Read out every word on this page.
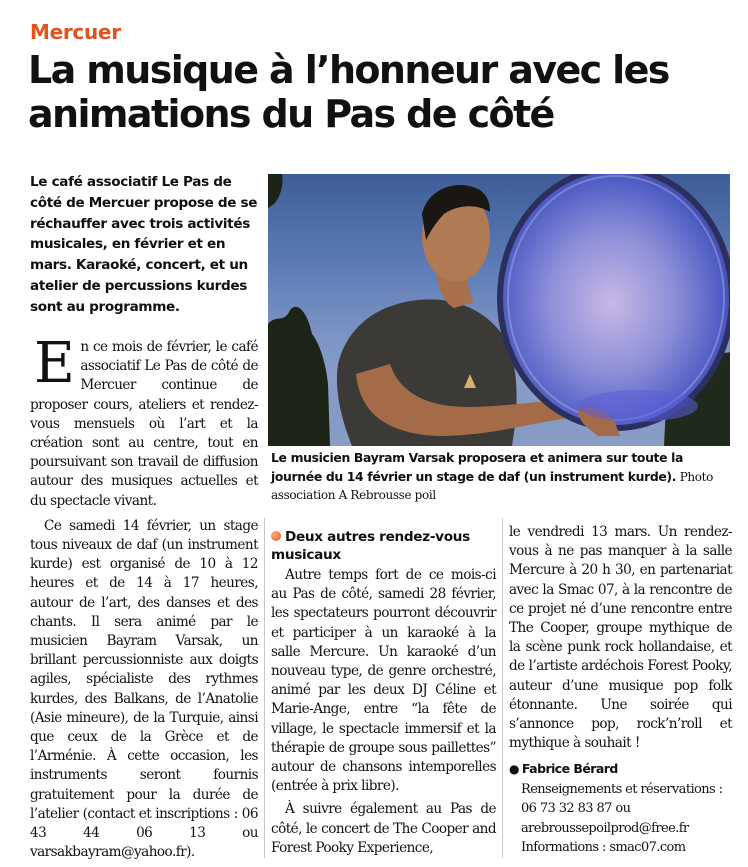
Mercuer
La musique à l’honneur avec les animations du Pas de côté
Le café associatif Le Pas de côté de Mercuer propose de se réchauffer avec trois activités musicales, en février et en mars. Karaoké, concert, et un atelier de percussions kurdes sont au programme.

En ce mois de février, le café associatif Le Pas de côté de Mercuer continue de proposer cours, ateliers et rendez-vous mensuels où l’art et la création sont au centre, tout en poursuivant son travail de diffusion autour des musiques actuelles et du spectacle vivant.

Ce samedi 14 février, un stage tous niveaux de daf (un instrument kurde) est organisé de 10 à 12 heures et de 14 à 17 heures, autour de l’art, des danses et des chants. Il sera animé par le musicien Bayram Varsak, un brillant percussionniste aux doigts agiles, spécialiste des rythmes kurdes, des Balkans, de l’Anatolie (Asie mineure), de la Turquie, ainsi que ceux de la Grèce et de l’Arménie. À cette occasion, les instruments seront fournis gratuitement pour la durée de l’atelier (contact et inscriptions : 06 43 44 06 13 ou varsakbayram@yahoo.fr).

Le musicien Bayram Varsak proposera et animera sur toute la journée du 14 février un stage de daf (un instrument kurde). Photo association A Rebrousse poil
Deux autres rendez-vous musicaux

Autre temps fort de ce mois-ci au Pas de côté, samedi 28 février, les spectateurs pourront découvrir et participer à un karaoké à la salle Mercure. Un karaoké d’un nouveau type, de genre orchestré, animé par les deux DJ Céline et Marie-Ange, entre “la fête de village, le spectacle immersif et la thérapie de groupe sous paillettes” autour de chansons intemporelles (entrée à prix libre).

À suivre également au Pas de côté, le concert de The Cooper and Forest Pooky Experience,

le vendredi 13 mars. Un rendez-vous à ne pas manquer à la salle Mercure à 20 h 30, en partenariat avec la Smac 07, à la rencontre de ce projet né d’une rencontre entre The Cooper, groupe mythique de la scène punk rock hollandaise, et de l’artiste ardéchois Forest Pooky, auteur d’une musique pop folk étonnante. Une soirée qui s’annonce pop, rock’n’roll et mythique à souhait !

● Fabrice Bérard
Renseignements et réservations : 06 73 32 83 87 ou
arebroussepoilprod@free.fr
Informations : smac07.com
